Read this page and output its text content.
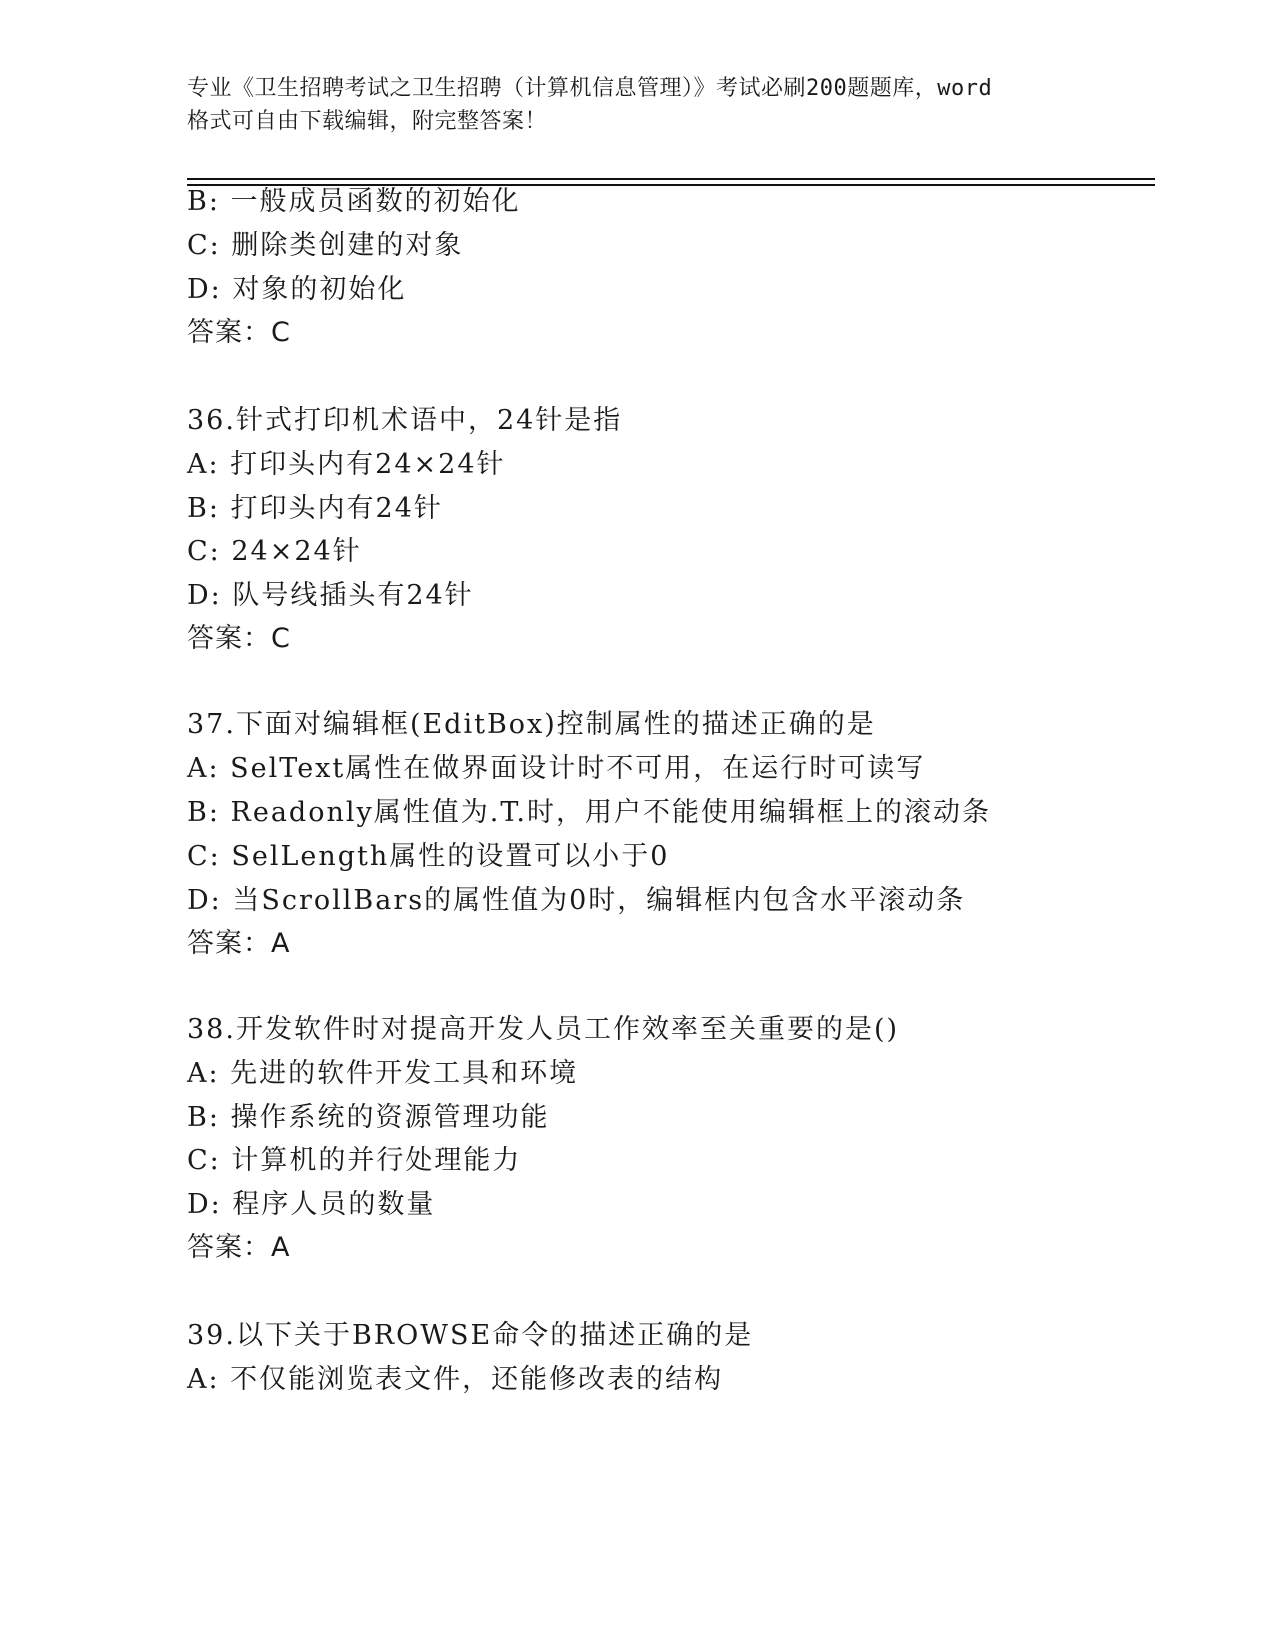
专业《卫生招聘考试之卫生招聘（计算机信息管理）》考试必刷200题题库，word
格式可自由下载编辑，附完整答案！
B: 一般成员函数的初始化
C: 删除类创建的对象
D: 对象的初始化
答案：C
36.针式打印机术语中，24针是指
A: 打印头内有24×24针
B: 打印头内有24针
C: 24×24针
D: 队号线插头有24针
答案：C
37.下面对编辑框(EditBox)控制属性的描述正确的是
A: SelText属性在做界面设计时不可用，在运行时可读写
B: Readonly属性值为.T.时，用户不能使用编辑框上的滚动条
C: SelLength属性的设置可以小于0
D: 当ScrollBars的属性值为0时，编辑框内包含水平滚动条
答案：A
38.开发软件时对提高开发人员工作效率至关重要的是()
A: 先进的软件开发工具和环境
B: 操作系统的资源管理功能
C: 计算机的并行处理能力
D: 程序人员的数量
答案：A
39.以下关于BROWSE命令的描述正确的是
A: 不仅能浏览表文件，还能修改表的结构
